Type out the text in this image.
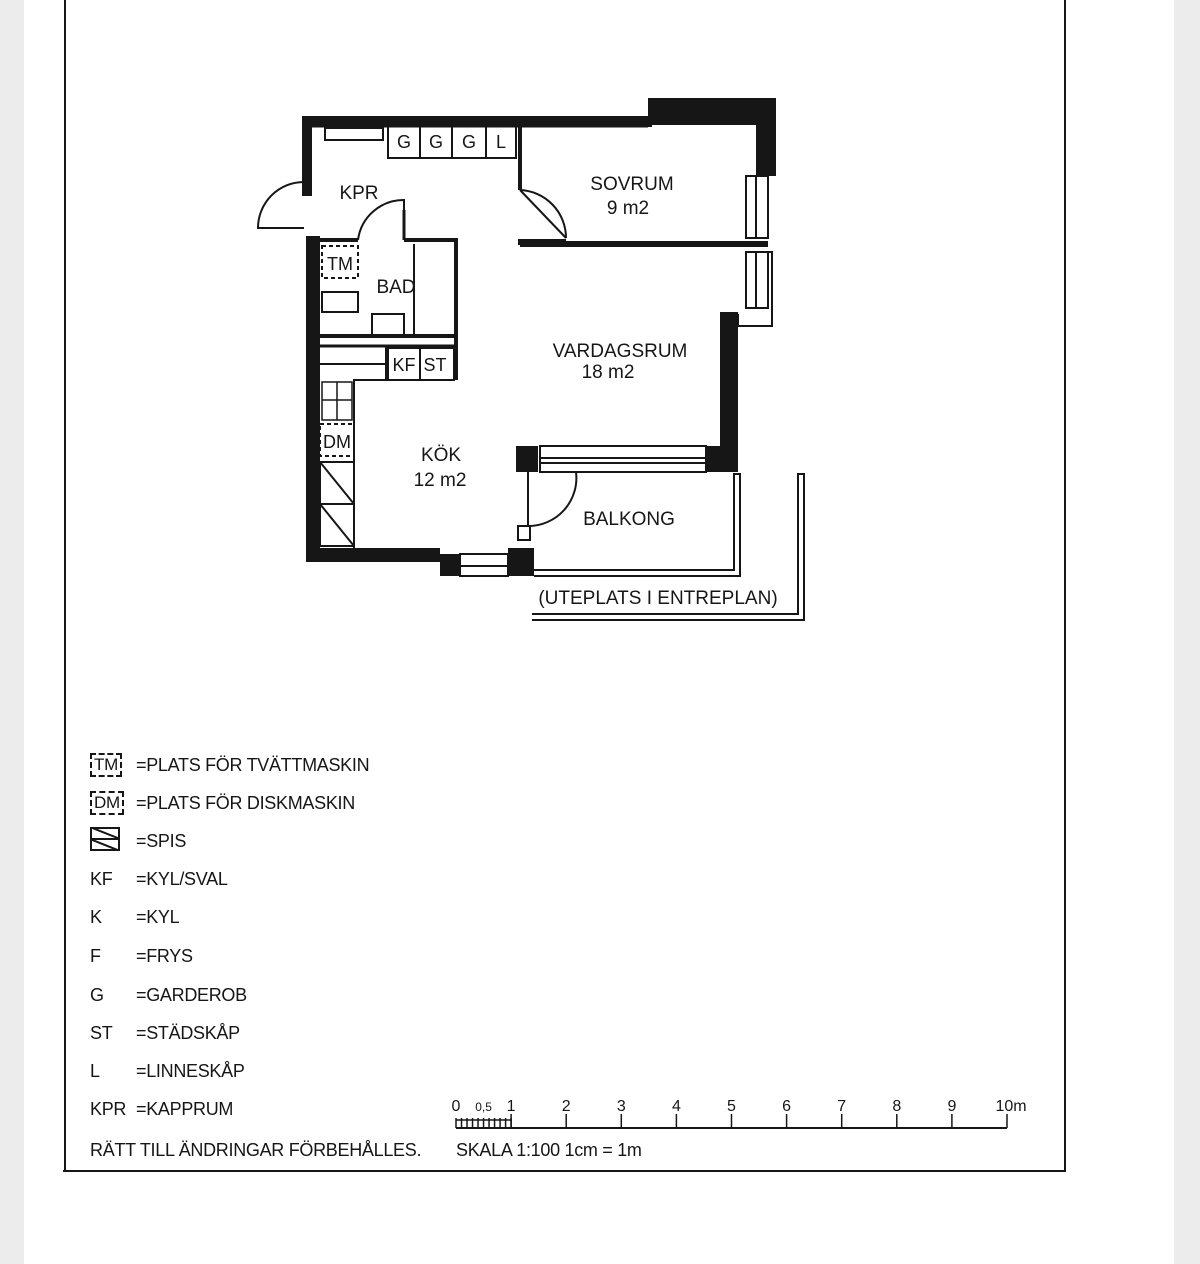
KPR
BAD
SOVRUM
9 m2
VARDAGSRUM
18 m2
KÖK
12 m2
BALKONG
(UTEPLATS I ENTREPLAN)
G G G L
TM
DM
KF ST
0 0,5 1	2	3	4	5	6	7	8	9 10m
TM	=PLATS FÖR TVÄTTMASKIN
DM =PLATS FÖR DISKMASKIN
=SPIS
KF	=KYL/SVAL
K	=KYL
F	=FRYS
G	=GARDEROB
ST	=STÄDSKÅP
L	=LINNESKÅP
KPR =KAPPRUM
RÄTT TILL ÄNDRINGAR FÖRBEHÅLLES. SKALA 1:100 1cm = 1m
